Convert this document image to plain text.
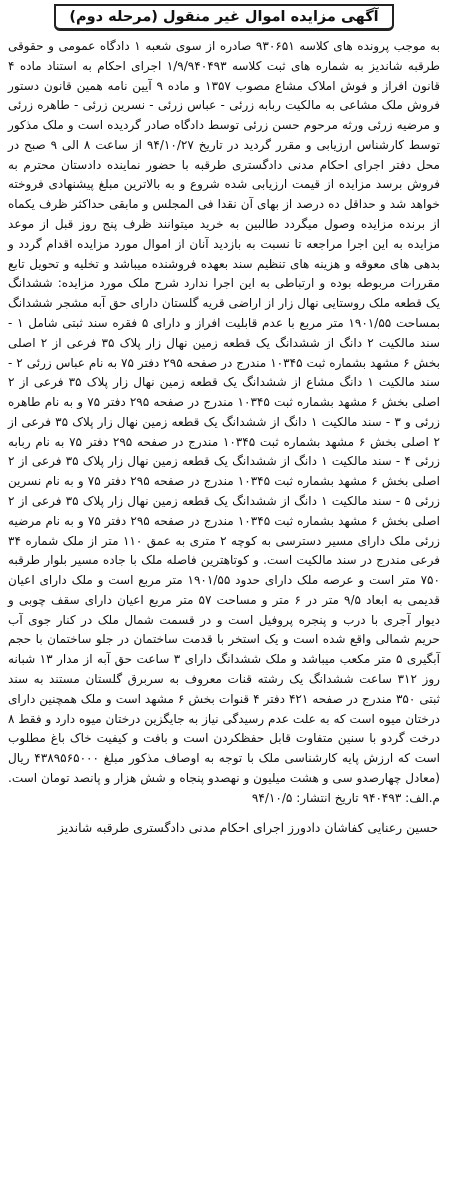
آگهی مزایده اموال غیر منقول (مرحله دوم)

به موجب پرونده های کلاسه ۹۳۰۶۵۱ صادره از سوی شعبه ۱ دادگاه عمومی و حقوقی طرقبه شاندیز به شماره های ثبت کلاسه ۱/۹/۹۴۰۴۹۳ اجرای احکام به استناد ماده ۴ قانون افراز و فوش املاک مشاع مصوب ۱۳۵۷ و ماده ۹ آیین نامه همین قانون دستور فروش ملک مشاعی به مالکیت ربابه زرئی - عباس زرئی - نسرین زرئی - طاهره زرئی و مرضیه زرئی ورثه مرحوم حسن زرئی توسط دادگاه صادر گردیده است و ملک مذکور توسط کارشناس ارزیابی و مقرر گردید در تاریخ ۹۴/۱۰/۲۷ از ساعت ۸ الی ۹ صبح در محل دفتر اجرای احکام مدنی دادگستری طرقبه با حضور نماینده دادستان محترم به فروش برسد مزایده از قیمت ارزیابی شده شروع و به بالاترین مبلغ پیشنهادی فروخته خواهد شد و حداقل ده درصد از بهای آن نقدا فی المجلس و مابقی حداکثر ظرف یکماه از برنده مزایده وصول میگردد طالبین به خرید میتوانند ظرف پنج روز قبل از موعد مزایده به این اجرا مراجعه تا نسبت به بازدید آنان از اموال مورد مزایده اقدام گردد و بدهی های معوقه و هزینه های تنظیم سند بعهده فروشنده میباشد و تخلیه و تحویل تابع مقررات مربوطه بوده و ارتباطی به این اجرا ندارد شرح ملک مورد مزایده: ششدانگ یک قطعه ملک روستایی نهال زار از اراضی قریه گلستان دارای حق آبه مشجر ششدانگ بمساحت ۱۹۰۱/۵۵ متر مربع با عدم قابلیت افراز و دارای ۵ فقره سند ثبتی شامل ۱ - سند مالکیت ۲ دانگ از ششدانگ یک قطعه زمین نهال زار پلاک ۳۵ فرعی از ۲ اصلی بخش ۶ مشهد بشماره ثبت ۱۰۳۴۵ مندرج در صفحه ۲۹۵ دفتر ۷۵ به نام عباس زرئی ۲ - سند مالکیت ۱ دانگ مشاع از ششدانگ یک قطعه زمین نهال زار پلاک ۳۵ فرعی از ۲ اصلی بخش ۶ مشهد بشماره ثبت ۱۰۳۴۵ مندرج در صفحه ۲۹۵ دفتر ۷۵ و به نام طاهره زرئی و ۳ - سند مالکیت ۱ دانگ از ششدانگ یک قطعه زمین نهال زار پلاک ۳۵ فرعی از ۲ اصلی بخش ۶ مشهد بشماره ثبت ۱۰۳۴۵ مندرج در صفحه ۲۹۵ دفتر ۷۵ به نام ربابه زرئی ۴ - سند مالکیت ۱ دانگ از ششدانگ یک قطعه زمین نهال زار پلاک ۳۵ فرعی از ۲ اصلی بخش ۶ مشهد بشماره ثبت ۱۰۳۴۵ مندرج در صفحه ۲۹۵ دفتر ۷۵ و به نام نسرین زرئی ۵ - سند مالکیت ۱ دانگ از ششدانگ یک قطعه زمین نهال زار پلاک ۳۵ فرعی از ۲ اصلی بخش ۶ مشهد بشماره ثبت ۱۰۳۴۵ مندرج در صفحه ۲۹۵ دفتر ۷۵ و به نام مرضیه زرئی ملک دارای مسیر دسترسی به کوچه ۲ متری به عمق ۱۱۰ متر از ملک شماره ۳۴ فرعی مندرج در سند مالکیت است. و کوتاهترین فاصله ملک با جاده مسیر بلوار طرقبه ۷۵۰ متر است و عرصه ملک دارای حدود ۱۹۰۱/۵۵ متر مربع است و ملک دارای اعیان قدیمی به ابعاد ۹/۵ متر در ۶ متر و مساحت ۵۷ متر مربع اعیان دارای سقف چوبی و دیوار آجری با درب و پنجره پروفیل است و در قسمت شمال ملک در کنار جوی آب حریم شمالی واقع شده است و یک استخر با قدمت ساختمان در جلو ساختمان با حجم آبگیری ۵ متر مکعب میباشد و ملک ششدانگ دارای ۳ ساعت حق آبه از مدار ۱۳ شبانه روز ۳۱۲ ساعت ششدانگ یک رشته قنات معروف به سربرق گلستان مستند به سند ثبتی ۳۵۰ مندرج در صفحه ۴۲۱ دفتر ۴ قنوات بخش ۶ مشهد است و ملک همچنین دارای درختان میوه است که به علت عدم رسیدگی نیاز به جایگزین درختان میوه دارد و فقط ۸ درخت گردو با سنین متفاوت قابل حفظکردن است و بافت و کیفیت خاک باغ مطلوب است که ارزش پایه کارشناسی ملک با توجه به اوصاف مذکور مبلغ ۴۳۸۹۵۶۵۰۰۰ ریال (معادل چهارصدو سی و هشت میلیون و نهصدو پنجاه و شش هزار و پانصد تومان است. م.الف: ۹۴۰۴۹۳ تاریخ انتشار: ۹۴/۱۰/۵

حسین رعنایی کفاشان دادورز اجرای احکام مدنی دادگستری طرقبه شاندیز
